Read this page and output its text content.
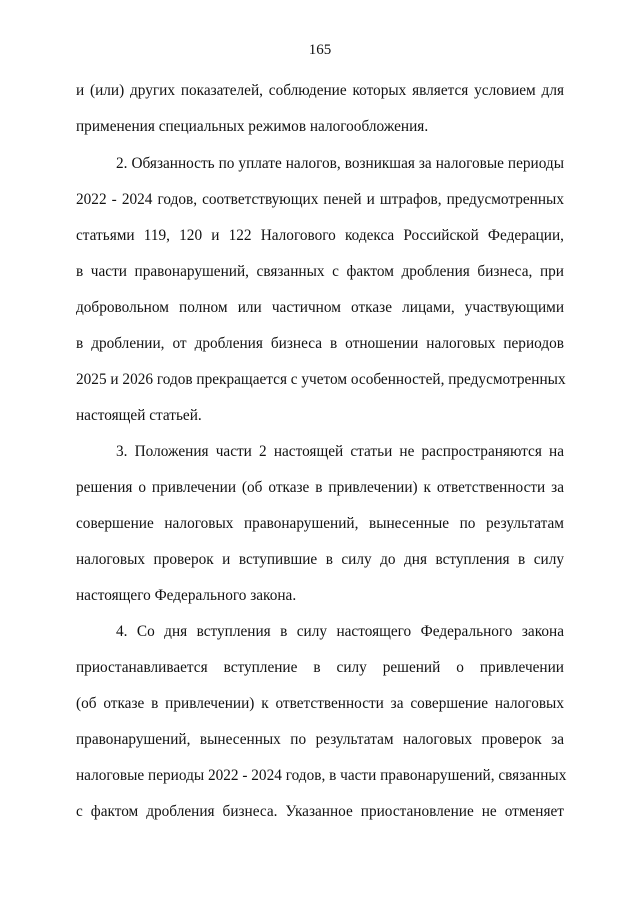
165
и (или) других показателей, соблюдение которых является условием для
применения специальных режимов налогообложения.
2. Обязанность по уплате налогов, возникшая за налоговые периоды
2022 - 2024 годов, соответствующих пеней и штрафов, предусмотренных
статьями 119, 120 и 122 Налогового кодекса Российской Федерации,
в части правонарушений, связанных с фактом дробления бизнеса, при
добровольном полном или частичном отказе лицами, участвующими
в дроблении, от дробления бизнеса в отношении налоговых периодов
2025 и 2026 годов прекращается с учетом особенностей, предусмотренных
настоящей статьей.
3. Положения части 2 настоящей статьи не распространяются на
решения о привлечении (об отказе в привлечении) к ответственности за
совершение налоговых правонарушений, вынесенные по результатам
налоговых проверок и вступившие в силу до дня вступления в силу
настоящего Федерального закона.
4. Со дня вступления в силу настоящего Федерального закона
приостанавливается вступление в силу решений о привлечении
(об отказе в привлечении) к ответственности за совершение налоговых
правонарушений, вынесенных по результатам налоговых проверок за
налоговые периоды 2022 - 2024 годов, в части правонарушений, связанных
с фактом дробления бизнеса. Указанное приостановление не отменяет
